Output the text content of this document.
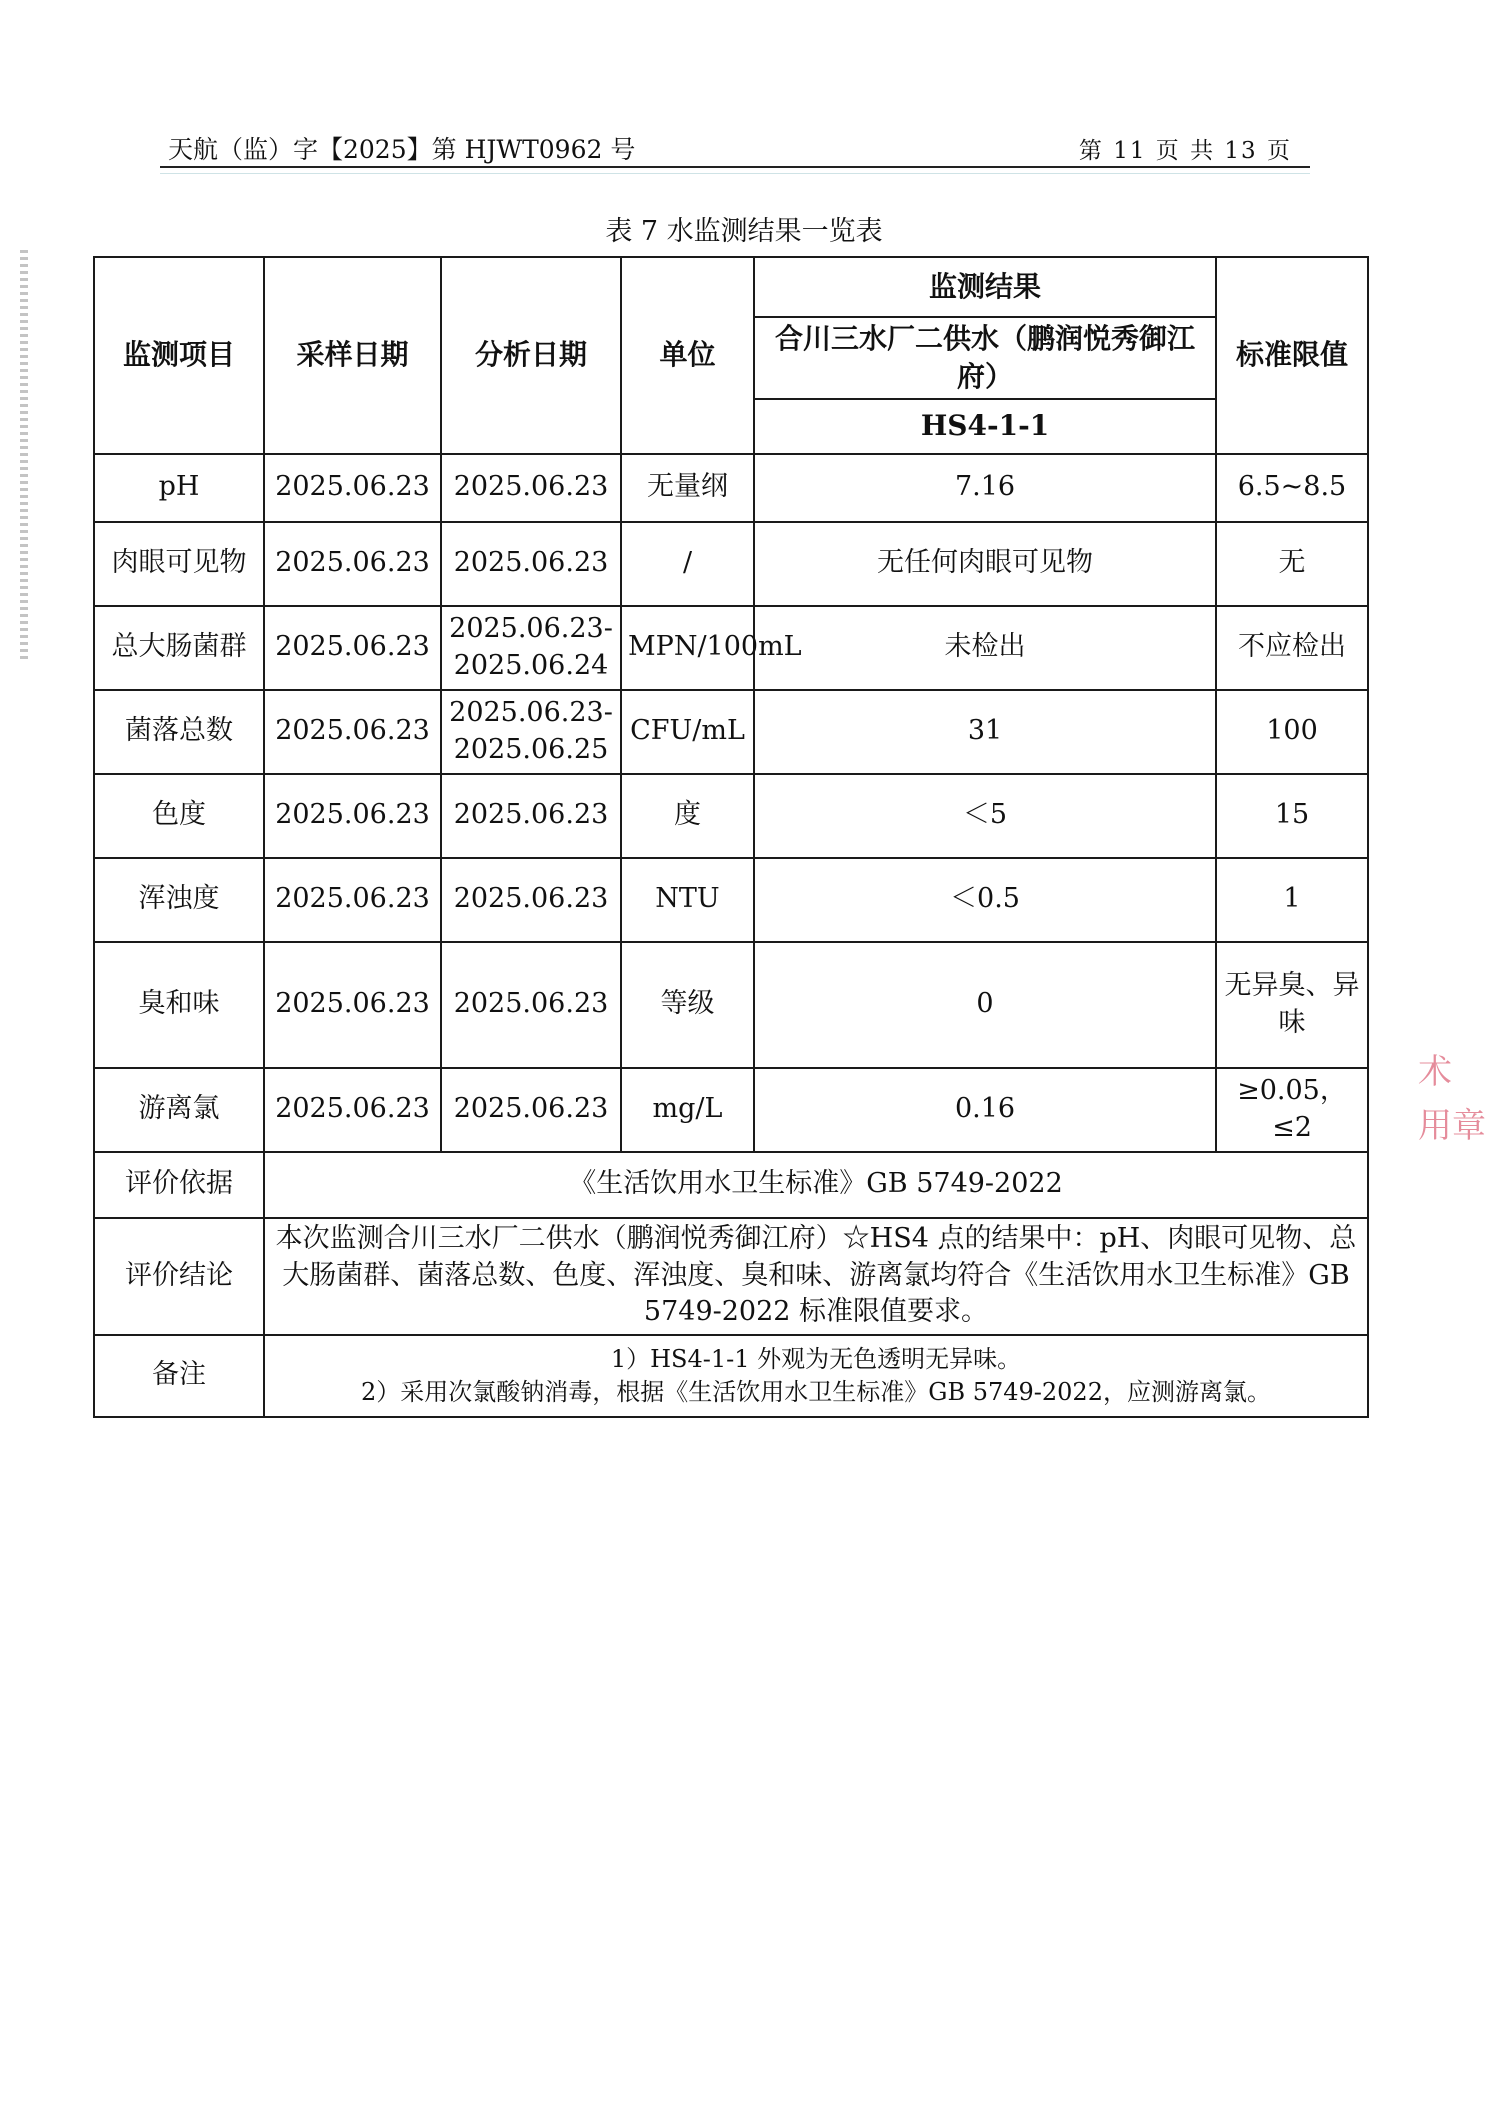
天航（监）字【2025】第 HJWT0962 号	第 11 页 共 13 页
表 7 水监测结果一览表
监测项目	采样日期	分析日期	单位	监测结果	标准限值
				合川三水厂二供水（鹏润悦秀御江府）	
				HS4-1-1	
pH	2025.06.23	2025.06.23	无量纲	7.16	6.5~8.5
肉眼可见物	2025.06.23	2025.06.23	/	无任何肉眼可见物	无
总大肠菌群	2025.06.23	2025.06.23-2025.06.24	MPN/100mL	未检出	不应检出
菌落总数	2025.06.23	2025.06.23-2025.06.25	CFU/mL	31	100
色度	2025.06.23	2025.06.23	度	＜5	15
浑浊度	2025.06.23	2025.06.23	NTU	＜0.5	1
臭和味	2025.06.23	2025.06.23	等级	0	无异臭、异味
游离氯	2025.06.23	2025.06.23	mg/L	0.16	≥0.05，≤2
评价依据	《生活饮用水卫生标准》GB 5749-2022				
评价结论	本次监测合川三水厂二供水（鹏润悦秀御江府）☆HS4 点的结果中：pH、肉眼可见物、总大肠菌群、菌落总数、色度、浑浊度、臭和味、游离氯均符合《生活饮用水卫生标准》GB 5749-2022 标准限值要求。				
备注	1）HS4-1-1 外观为无色透明无异味。
2）采用次氯酸钠消毒，根据《生活饮用水卫生标准》GB 5749-2022，应测游离氯。				
术 用章
